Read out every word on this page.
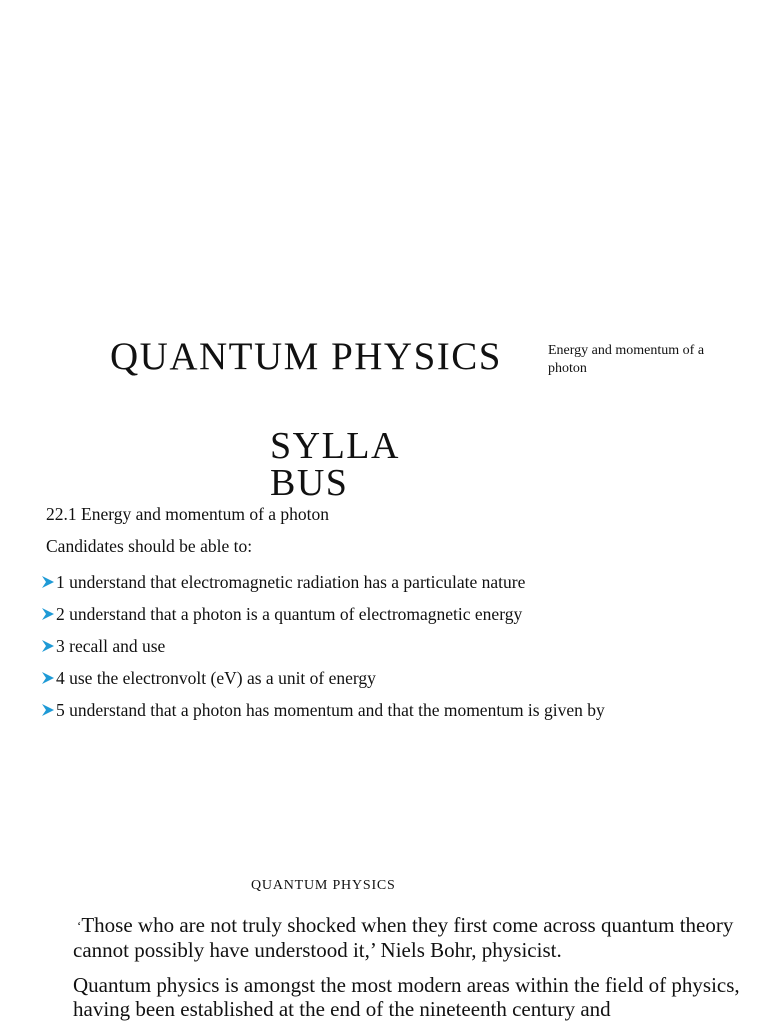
QUANTUM PHYSICS	Energy and momentum of a photon
SYLLA BUS
22.1 Energy and momentum of a photon
Candidates should be able to:
1 understand that electromagnetic radiation has a particulate nature
2 understand that a photon is a quantum of electromagnetic energy
3 recall and use
4 use the electronvolt (eV) as a unit of energy
5 understand that a photon has momentum and that the momentum is given by
QUANTUM PHYSICS
‘Those who are not truly shocked when they first come across quantum theory cannot possibly have understood it,’ Niels Bohr, physicist.
Quantum physics is amongst the most modern areas within the field of physics, having been established at the end of the nineteenth century and
